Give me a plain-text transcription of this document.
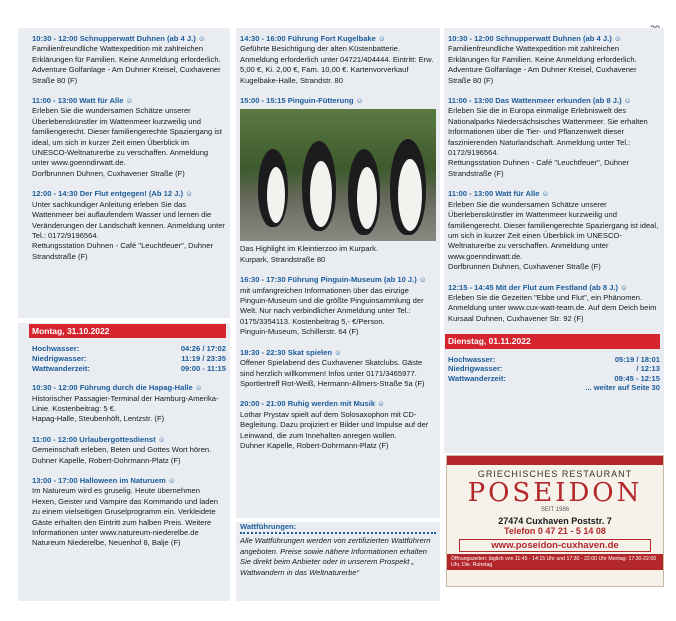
10:30 - 12:00 Schnupperwatt Duhnen (ab 4 J.) ☺
Familienfreundliche Wattexpedition mit zahlreichen Erklärungen für Familien. Keine Anmeldung erforderlich.
Adventure Golfanlage - Am Duhner Kreisel, Cuxhavener Straße 80 (F)
11:00 - 13:00 Watt für Alle ☺
Erleben Sie die wundersamen Schätze unserer Überlebenskünstler im Wattenmeer kurzweilig und familiengerecht. Dieser familiengerechte Spaziergang ist ideal, um sich in kurzer Zeit einen Überblick im UNESCO-Weltnaturerbe zu verschaffen. Anmeldung unter www.goenndirwatt.de.
Dorfbrunnen Duhnen, Cuxhavener Straße (F)
12:00 - 14:30 Der Flut entgegen! (Ab 12 J.) ☺
Unter sachkundiger Anleitung erleben Sie das Wattenmeer bei auflaufendem Wasser und lernen die Veränderungen der Landschaft kennen. Anmeldung unter Tel.: 0172/9196564.
Rettungsstation Duhnen - Café "Leuchtfeuer", Duhner Strandstraße (F)
Montag, 31.10.2022
Hochwasser:	04:26 / 17:02
Niedrigwasser:	11:19 / 23:35
Wattwanderzeit:	09:00 - 11:15
10:30 - 12:00 Führung durch die Hapag-Halle ☺
Historischer Passagier-Terminal der Hamburg-Amerika-Linie. Kostenbeitrag: 5 €.
Hapag-Halle, Steubenhöft, Lentzstr. (F)
11:00 - 12:00 Urlaubergottesdienst ☺
Gemeinschaft erleben, Beten und Gottes Wort hören.
Duhner Kapelle, Robert-Dohrmann-Platz (F)
13:00 - 17:00 Halloween im Naturuem ☺
Im Natureum wird es gruselig. Heute übernehmen Hexen, Geister und Vampire das Kommando und laden zu einem vielseitigen Gruselprogramm ein. Verkleidete Gäste erhalten den Eintritt zum halben Preis. Weitere Informationen unter www.natureum-niederelbe.de
Natureum Niederelbe, Neuenhof 8, Balje (F)
14:30 - 16:00 Führung Fort Kugelbake ☺
Geführte Besichtigung der alten Küstenbatterie. Anmeldung erforderlich unter 04721/404444. Eintritt: Erw. 5,00 €, Ki. 2,00 €, Fam. 10,00 €. Kartenvorverkauf Kugelbake-Halle, Strandstr. 80
15:00 - 15:15 Pinguin-Fütterung ☺
Das Highlight im Kleintierzoo im Kurpark.
Kurpark, Strandstraße 80
16:30 - 17:30 Führung Pinguin-Museum (ab 10 J.) ☺
mit umfangreichen Informationen über das einzige Pinguin-Museum und die größte Pinguinsammlung der Welt. Nur nach verbindlicher Anmeldung unter Tel.: 0175/3354113. Kostenbeitrag 5,- €/Person.
Pinguin-Museum, Schillerstr. 64 (F)
18:30 - 22:30 Skat spielen ☺
Offener Spielabend des Cuxhavener Skatclubs. Gäste sind herzlich willkommen! Infos unter 0171/3465977.
Sportlertreff Rot-Weiß, Hermann-Allmers-Straße 5a (F)
20:00 - 21:00 Ruhig werden mit Musik ☺
Lothar Prystav spielt auf dem Solosaxophon mit CD-Begleitung. Dazu projiziert er Bilder und Impulse auf der Leinwand, die zum Innehalten anregen wollen.
Duhner Kapelle, Robert-Dohrmann-Platz (F)
Wattführungen:
Alle Wattführungen werden von zertifizierten Wattführern angeboten. Preise sowie nähere Informationen erhalten Sie direkt beim Anbieter oder in unserem Prospekt „ Wattwandern in das Weltnaturerbe“
10:30 - 12:00 Schnupperwatt Duhnen (ab 4 J.) ☺
Familienfreundliche Wattexpedition mit zahlreichen Erklärungen für Familien. Keine Anmeldung erforderlich.
Adventure Golfanlage - Am Duhner Kreisel, Cuxhavener Straße 80 (F)
11:00 - 13:00 Das Wattenmeer erkunden (ab 8 J.) ☺
Erleben Sie die in Europa einmalige Erlebniswelt des Nationalparks Niedersächsisches Wattenmeer. Sie erhalten Informationen über die Tier- und Pflanzenwelt dieser faszinierenden Naturlandschaft. Anmeldung unter Tel.: 0172/9196564.
Rettungsstation Duhnen - Café "Leuchtfeuer", Duhner Strandstraße (F)
11:00 - 13:00 Watt für Alle ☺
Erleben Sie die wundersamen Schätze unserer Überlebenskünstler im Wattenmeer kurzweilig und familiengerecht. Dieser familiengerechte Spaziergang ist ideal, um sich in kurzer Zeit einen Überblick im UNESCO-Weltnaturerbe zu verschaffen. Anmeldung unter www.goenndirwatt.de.
Dorfbrunnen Duhnen, Cuxhavener Straße (F)
12:15 - 14:45 Mit der Flut zum Festland (ab 8 J.) ☺
Erleben Sie die Gezeiten "Ebbe und Flut", ein Phänomen. Anmeldung unter www.cux-watt-team.de. Auf dem Deich beim Kursaal Duhnen, Cuxhavener Str. 92 (F)
Dienstag, 01.11.2022
Hochwasser:	05:19 / 18:01
Niedrigwasser:	/ 12:13
Wattwanderzeit:	09:45 - 12:15
... weiter auf Seite 30
GRIECHISCHES RESTAURANT
POSEIDON
SEIT 1986
27474 Cuxhaven Poststr. 7
Telefon 0 47 21 - 5 14 08
www.poseidon-cuxhaven.de
Öffnungszeiten: täglich von 11:45 - 14:15 Uhr und 17:30 - 22:00 Uhr Montag: 17:30-22:00 Uhr, Die. Ruhetag
